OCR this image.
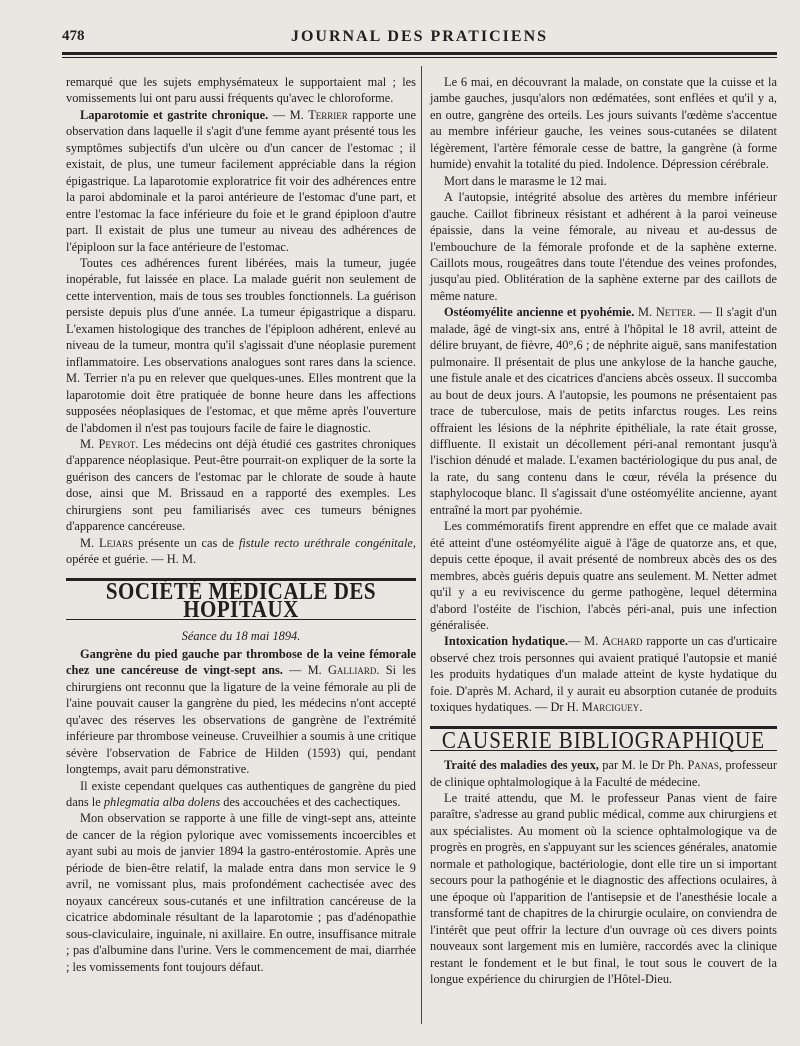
478	JOURNAL DES PRATICIENS

remarqué que les sujets emphysémateux le supportaient mal ; les vomissements lui ont paru aussi fréquents qu'avec le chloroforme.

Laparotomie et gastrite chronique. — M. Terrier rapporte une observation dans laquelle il s'agit d'une femme ayant présenté tous les symptômes subjectifs d'un ulcère ou d'un cancer de l'estomac ; il existait, de plus, une tumeur facilement appréciable dans la région épigastrique. La laparotomie exploratrice fit voir des adhérences entre la paroi abdominale et la paroi antérieure de l'estomac d'une part, et entre l'estomac la face inférieure du foie et le grand épiploon d'autre part. Il existait de plus une tumeur au niveau des adhérences de l'épiploon sur la face antérieure de l'estomac.

Toutes ces adhérences furent libérées, mais la tumeur, jugée inopérable, fut laissée en place. La malade guérit non seulement de cette intervention, mais de tous ses troubles fonctionnels. La guérison persiste depuis plus d'une année. La tumeur épigastrique a disparu. L'examen histologique des tranches de l'épiploon adhérent, enlevé au niveau de la tumeur, montra qu'il s'agissait d'une néoplasie purement inflammatoire. Les observations analogues sont rares dans la science. M. Terrier n'a pu en relever que quelques-unes. Elles montrent que la laparotomie doit être pratiquée de bonne heure dans les affections supposées néoplasiques de l'estomac, et que même après l'ouverture de l'abdomen il n'est pas toujours facile de faire le diagnostic.

M. Peyrot. Les médecins ont déjà étudié ces gastrites chroniques d'apparence néoplasique. Peut-être pourrait-on expliquer de la sorte la guérison des cancers de l'estomac par le chlorate de soude à haute dose, ainsi que M. Brissaud en a rapporté des exemples. Les chirurgiens sont peu familiarisés avec ces tumeurs bénignes d'apparence cancéreuse.

M. Lejars présente un cas de fistule recto uréthrale congénitale, opérée et guérie. — H. M.

SOCIÉTÉ MÉDICALE DES HOPITAUX
Séance du 18 mai 1894.

Gangrène du pied gauche par thrombose de la veine fémorale chez une cancéreuse de vingt-sept ans. — M. Galliard. Si les chirurgiens ont reconnu que la ligature de la veine fémorale au pli de l'aine pouvait causer la gangrène du pied, les médecins n'ont accepté qu'avec des réserves les observations de gangrène de l'extrémité inférieure par thrombose veineuse. Cruveilhier a soumis à une critique sévère l'observation de Fabrice de Hilden (1593) qui, pendant longtemps, avait paru démonstrative.

Il existe cependant quelques cas authentiques de gangrène du pied dans le phlegmatia alba dolens des accouchées et des cachectiques.

Mon observation se rapporte à une fille de vingt-sept ans, atteinte de cancer de la région pylorique avec vomissements incoercibles et ayant subi au mois de janvier 1894 la gastro-entérostomie. Après une période de bien-être relatif, la malade entra dans mon service le 9 avril, ne vomissant plus, mais profondément cachectisée avec des noyaux cancéreux sous-cutanés et une infiltration cancéreuse de la cicatrice abdominale résultant de la laparotomie ; pas d'adénopathie sous-claviculaire, inguinale, ni axillaire. En outre, insuffisance mitrale ; pas d'albumine dans l'urine. Vers le commencement de mai, diarrhée ; les vomissements font toujours défaut.

Le 6 mai, en découvrant la malade, on constate que la cuisse et la jambe gauches, jusqu'alors non œdématées, sont enflées et qu'il y a, en outre, gangrène des orteils. Les jours suivants l'œdème s'accentue au membre inférieur gauche, les veines sous-cutanées se dilatent légèrement, l'artère fémorale cesse de battre, la gangrène (à forme humide) envahit la totalité du pied. Indolence. Dépression cérébrale.

Mort dans le marasme le 12 mai.

A l'autopsie, intégrité absolue des artères du membre inférieur gauche. Caillot fibrineux résistant et adhérent à la paroi veineuse épaissie, dans la veine fémorale, au niveau et au-dessus de l'embouchure de la fémorale profonde et de la saphène externe. Caillots mous, rougeâtres dans toute l'étendue des veines profondes, jusqu'au pied. Oblitération de la saphène externe par des caillots de même nature.

Ostéomyélite ancienne et pyohémie. M. Netter. — Il s'agit d'un malade, âgé de vingt-six ans, entré à l'hôpital le 18 avril, atteint de délire bruyant, de fièvre, 40°,6 ; de néphrite aiguë, sans manifestation pulmonaire. Il présentait de plus une ankylose de la hanche gauche, une fistule anale et des cicatrices d'anciens abcès osseux. Il succomba au bout de deux jours. A l'autopsie, les poumons ne présentaient pas trace de tuberculose, mais de petits infarctus rouges. Les reins offraient les lésions de la néphrite épithéliale, la rate était grosse, diffluente. Il existait un décollement péri-anal remontant jusqu'à l'ischion dénudé et malade. L'examen bactériologique du pus anal, de la rate, du sang contenu dans le cœur, révéla la présence du staphylocoque blanc. Il s'agissait d'une ostéomyélite ancienne, ayant entraîné la mort par pyohémie.

Les commémoratifs firent apprendre en effet que ce malade avait été atteint d'une ostéomyélite aiguë à l'âge de quatorze ans, et que, depuis cette époque, il avait présenté de nombreux abcès des os des membres, abcès guéris depuis quatre ans seulement. M. Netter admet qu'il y a eu reviviscence du germe pathogène, lequel détermina d'abord l'ostéite de l'ischion, l'abcès péri-anal, puis une infection généralisée.

Intoxication hydatique.— M. Achard rapporte un cas d'urticaire observé chez trois personnes qui avaient pratiqué l'autopsie et manié les produits hydatiques d'un malade atteint de kyste hydatique du foie. D'après M. Achard, il y aurait eu absorption cutanée de produits toxiques hydatiques. — Dr H. Marciguey.

CAUSERIE BIBLIOGRAPHIQUE

Traité des maladies des yeux, par M. le Dr Ph. Panas, professeur de clinique ophtalmologique à la Faculté de médecine.

Le traité attendu, que M. le professeur Panas vient de faire paraître, s'adresse au grand public médical, comme aux chirurgiens et aux spécialistes. Au moment où la science ophtalmologique va de progrès en progrès, en s'appuyant sur les sciences générales, anatomie normale et pathologique, bactériologie, dont elle tire un si important secours pour la pathogénie et le diagnostic des affections oculaires, à une époque où l'apparition de l'antisepsie et de l'anesthésie locale a transformé tant de chapitres de la chirurgie oculaire, on conviendra de l'intérêt que peut offrir la lecture d'un ouvrage où ces divers points nouveaux sont largement mis en lumière, raccordés avec la clinique restant le fondement et le but final, le tout sous le couvert de la longue expérience du chirurgien de l'Hôtel-Dieu.
